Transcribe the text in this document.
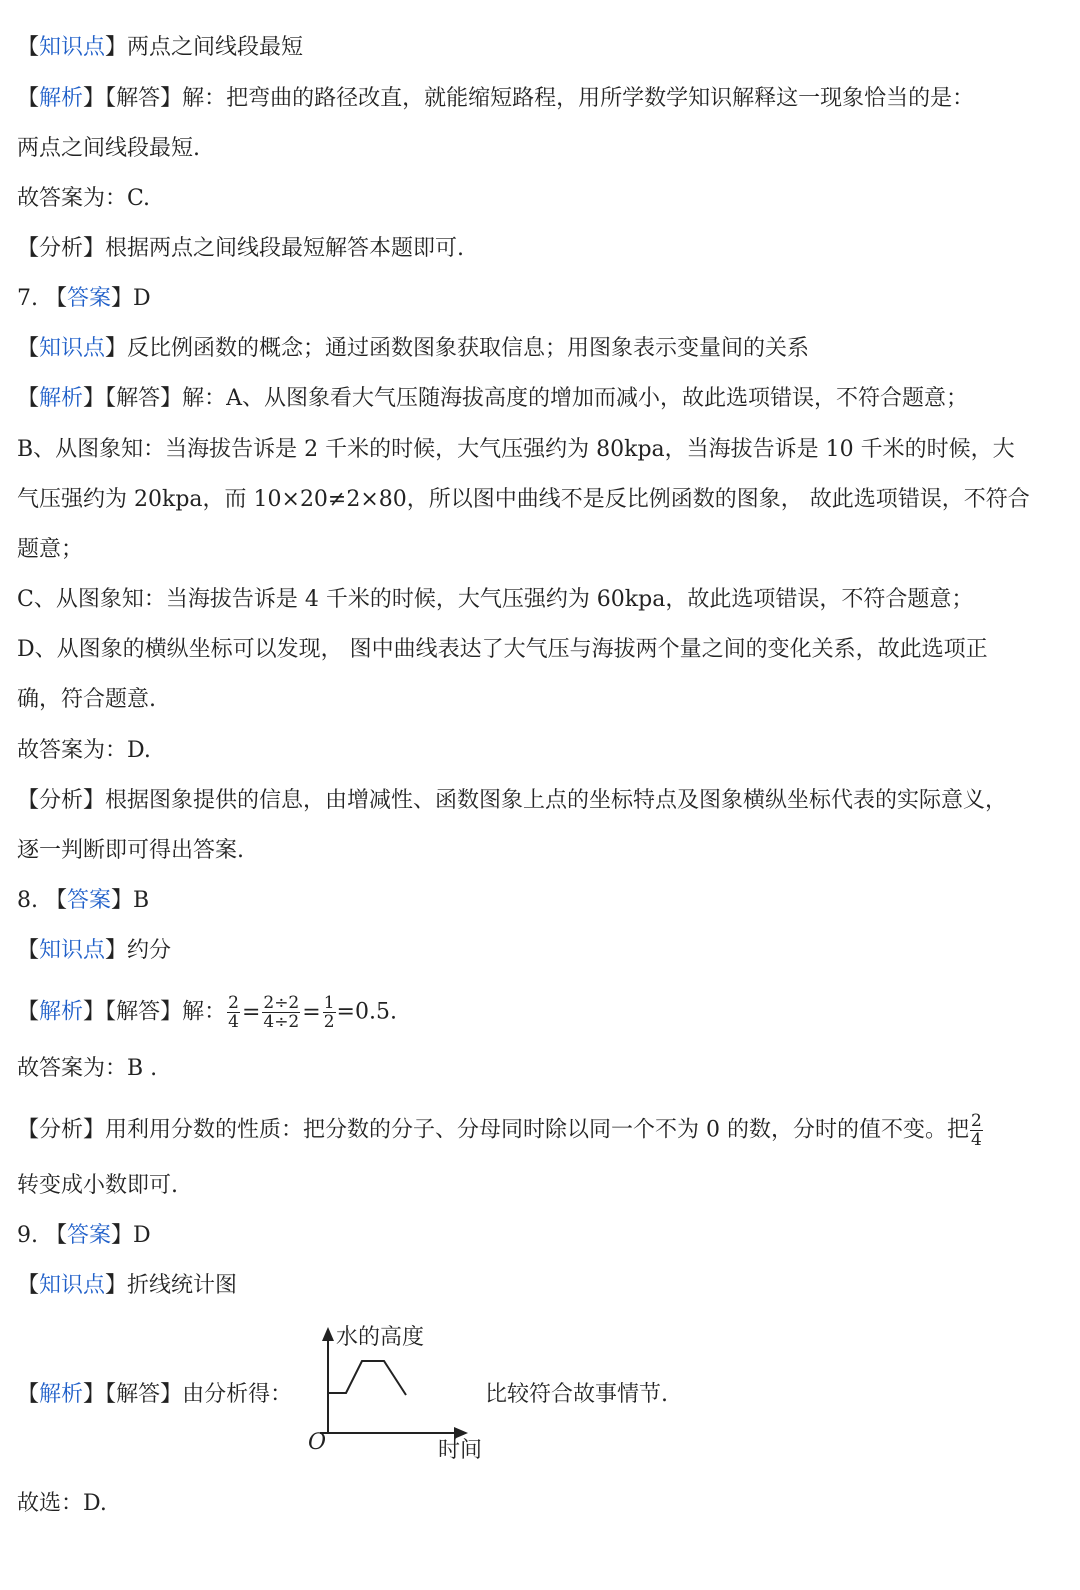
【知识点】两点之间线段最短
【解析】【解答】解：把弯曲的路径改直，就能缩短路程，用所学数学知识解释这一现象恰当的是：
两点之间线段最短.
故答案为：C.
【分析】根据两点之间线段最短解答本题即可.
7. 【答案】D
【知识点】反比例函数的概念；通过函数图象获取信息；用图象表示变量间的关系
【解析】【解答】解：A、从图象看大气压随海拔高度的增加而减小，故此选项错误，不符合题意；
B、从图象知：当海拔告诉是 2 千米的时候，大气压强约为 80kpa，当海拔告诉是 10 千米的时候，大
气压强约为 20kpa，而 10×20≠2×80，所以图中曲线不是反比例函数的图象， 故此选项错误，不符合
题意；
C、从图象知：当海拔告诉是 4 千米的时候，大气压强约为 60kpa，故此选项错误，不符合题意；
D、从图象的横纵坐标可以发现， 图中曲线表达了大气压与海拔两个量之间的变化关系，故此选项正
确，符合题意.
故答案为：D.
【分析】根据图象提供的信息，由增减性、函数图象上点的坐标特点及图象横纵坐标代表的实际意义，
逐一判断即可得出答案.
8. 【答案】B
【知识点】约分
【解析】【解答】解： $\frac{2}{4} = \frac{2\div 2}{4\div 2} = \frac{1}{2} =0.5$.
故答案为：B .
【分析】用利用分数的性质：把分数的分子、分母同时除以同一个不为 0 的数，分时的值不变。把 $\frac{2}{4}$
转变成小数即可.
9. 【答案】D
【知识点】折线统计图
【解析】【解答】由分析得：
水的高度
O	时间
比较符合故事情节.
故选：D.
